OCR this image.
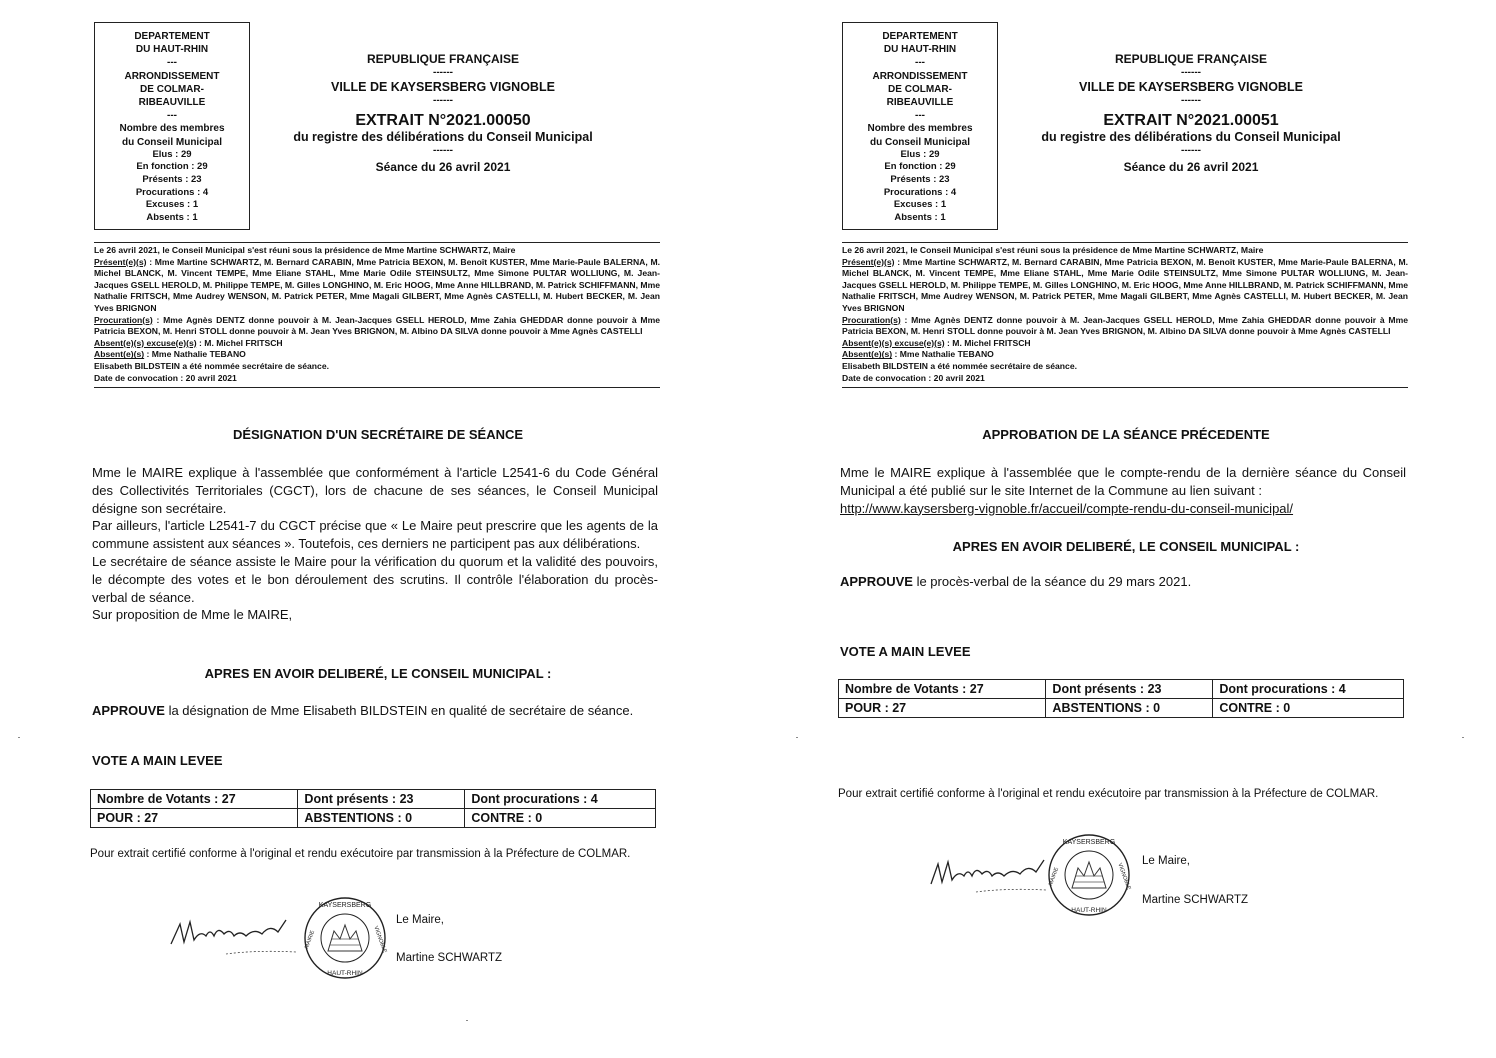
DEPARTEMENT
DU HAUT-RHIN
---
ARRONDISSEMENT
DE COLMAR-
RIBEAUVILLE
---
Nombre des membres
du Conseil Municipal
Elus : 29
En fonction : 29
Présents : 23
Procurations : 4
Excuses : 1
Absents : 1
REPUBLIQUE FRANÇAISE
------
VILLE DE KAYSERSBERG VIGNOBLE
------
EXTRAIT N°2021.00050
du registre des délibérations du Conseil Municipal
------
Séance du 26 avril 2021

Le 26 avril 2021, le Conseil Municipal s'est réuni sous la présidence de Mme Martine SCHWARTZ, Maire

Présent(e)(s) : Mme Martine SCHWARTZ, M. Bernard CARABIN, Mme Patricia BEXON, M. Benoît KUSTER, Mme Marie-Paule BALERNA, M. Michel BLANCK, M. Vincent TEMPE, Mme Eliane STAHL, Mme Marie Odile STEINSULTZ, Mme Simone PULTAR WOLLIUNG, M. Jean-Jacques GSELL HEROLD, M. Philippe TEMPE, M. Gilles LONGHINO, M. Eric HOOG, Mme Anne HILLBRAND, M. Patrick SCHIFFMANN, Mme Nathalie FRITSCH, Mme Audrey WENSON, M. Patrick PETER, Mme Magali GILBERT, Mme Agnès CASTELLI, M. Hubert BECKER, M. Jean Yves BRIGNON

Procuration(s) : Mme Agnès DENTZ donne pouvoir à M. Jean-Jacques GSELL HEROLD, Mme Zahia GHEDDAR donne pouvoir à Mme Patricia BEXON, M. Henri STOLL donne pouvoir à M. Jean Yves BRIGNON, M. Albino DA SILVA donne pouvoir à Mme Agnès CASTELLI

Absent(e)(s) excuse(e)(s) : M. Michel FRITSCH

Absent(e)(s) : Mme Nathalie TEBANO

Elisabeth BILDSTEIN a été nommée secrétaire de séance.

Date de convocation : 20 avril 2021

DÉSIGNATION D'UN SECRÉTAIRE DE SÉANCE

Mme le MAIRE explique à l'assemblée que conformément à l'article L2541-6 du Code Général des Collectivités Territoriales (CGCT), lors de chacune de ses séances, le Conseil Municipal désigne son secrétaire.

Par ailleurs, l'article L2541-7 du CGCT précise que « Le Maire peut prescrire que les agents de la commune assistent aux séances ». Toutefois, ces derniers ne participent pas aux délibérations.

Le secrétaire de séance assiste le Maire pour la vérification du quorum et la validité des pouvoirs, le décompte des votes et le bon déroulement des scrutins. Il contrôle l'élaboration du procès-verbal de séance.

Sur proposition de Mme le MAIRE,

APRES EN AVOIR DELIBERÉ, LE CONSEIL MUNICIPAL :
APPROUVE la désignation de Mme Elisabeth BILDSTEIN en qualité de secrétaire de séance.
VOTE A MAIN LEVEE
Nombre de Votants : 27	Dont présents : 23	Dont procurations : 4
POUR : 27	ABSTENTIONS : 0	CONTRE : 0
Pour extrait certifié conforme à l'original et rendu exécutoire par transmission à la Préfecture de COLMAR.
KAYSERSBERG
HAUT-RHIN
MAIRIE	VIGNOBLE
Le Maire,
Martine SCHWARTZ
DEPARTEMENT
DU HAUT-RHIN
---
ARRONDISSEMENT
DE COLMAR-
RIBEAUVILLE
---
Nombre des membres
du Conseil Municipal
Elus : 29
En fonction : 29
Présents : 23
Procurations : 4
Excuses : 1
Absents : 1
REPUBLIQUE FRANÇAISE
------
VILLE DE KAYSERSBERG VIGNOBLE
------
EXTRAIT N°2021.00051
du registre des délibérations du Conseil Municipal
------
Séance du 26 avril 2021

Le 26 avril 2021, le Conseil Municipal s'est réuni sous la présidence de Mme Martine SCHWARTZ, Maire

Présent(e)(s) : Mme Martine SCHWARTZ, M. Bernard CARABIN, Mme Patricia BEXON, M. Benoît KUSTER, Mme Marie-Paule BALERNA, M. Michel BLANCK, M. Vincent TEMPE, Mme Eliane STAHL, Mme Marie Odile STEINSULTZ, Mme Simone PULTAR WOLLIUNG, M. Jean-Jacques GSELL HEROLD, M. Philippe TEMPE, M. Gilles LONGHINO, M. Eric HOOG, Mme Anne HILLBRAND, M. Patrick SCHIFFMANN, Mme Nathalie FRITSCH, Mme Audrey WENSON, M. Patrick PETER, Mme Magali GILBERT, Mme Agnès CASTELLI, M. Hubert BECKER, M. Jean Yves BRIGNON

Procuration(s) : Mme Agnès DENTZ donne pouvoir à M. Jean-Jacques GSELL HEROLD, Mme Zahia GHEDDAR donne pouvoir à Mme Patricia BEXON, M. Henri STOLL donne pouvoir à M. Jean Yves BRIGNON, M. Albino DA SILVA donne pouvoir à Mme Agnès CASTELLI

Absent(e)(s) excuse(e)(s) : M. Michel FRITSCH

Absent(e)(s) : Mme Nathalie TEBANO

Elisabeth BILDSTEIN a été nommée secrétaire de séance.

Date de convocation : 20 avril 2021

APPROBATION DE LA SÉANCE PRÉCEDENTE

Mme le MAIRE explique à l'assemblée que le compte-rendu de la dernière séance du Conseil Municipal a été publié sur le site Internet de la Commune au lien suivant :

http://www.kaysersberg-vignoble.fr/accueil/compte-rendu-du-conseil-municipal/

APRES EN AVOIR DELIBERÉ, LE CONSEIL MUNICIPAL :
APPROUVE le procès-verbal de la séance du 29 mars 2021.
VOTE A MAIN LEVEE
Nombre de Votants : 27	Dont présents : 23	Dont procurations : 4
POUR : 27	ABSTENTIONS : 0	CONTRE : 0
Pour extrait certifié conforme à l'original et rendu exécutoire par transmission à la Préfecture de COLMAR.
KAYSERSBERG
HAUT-RHIN
MAIRIE	VIGNOBLE
Le Maire,
Martine SCHWARTZ
